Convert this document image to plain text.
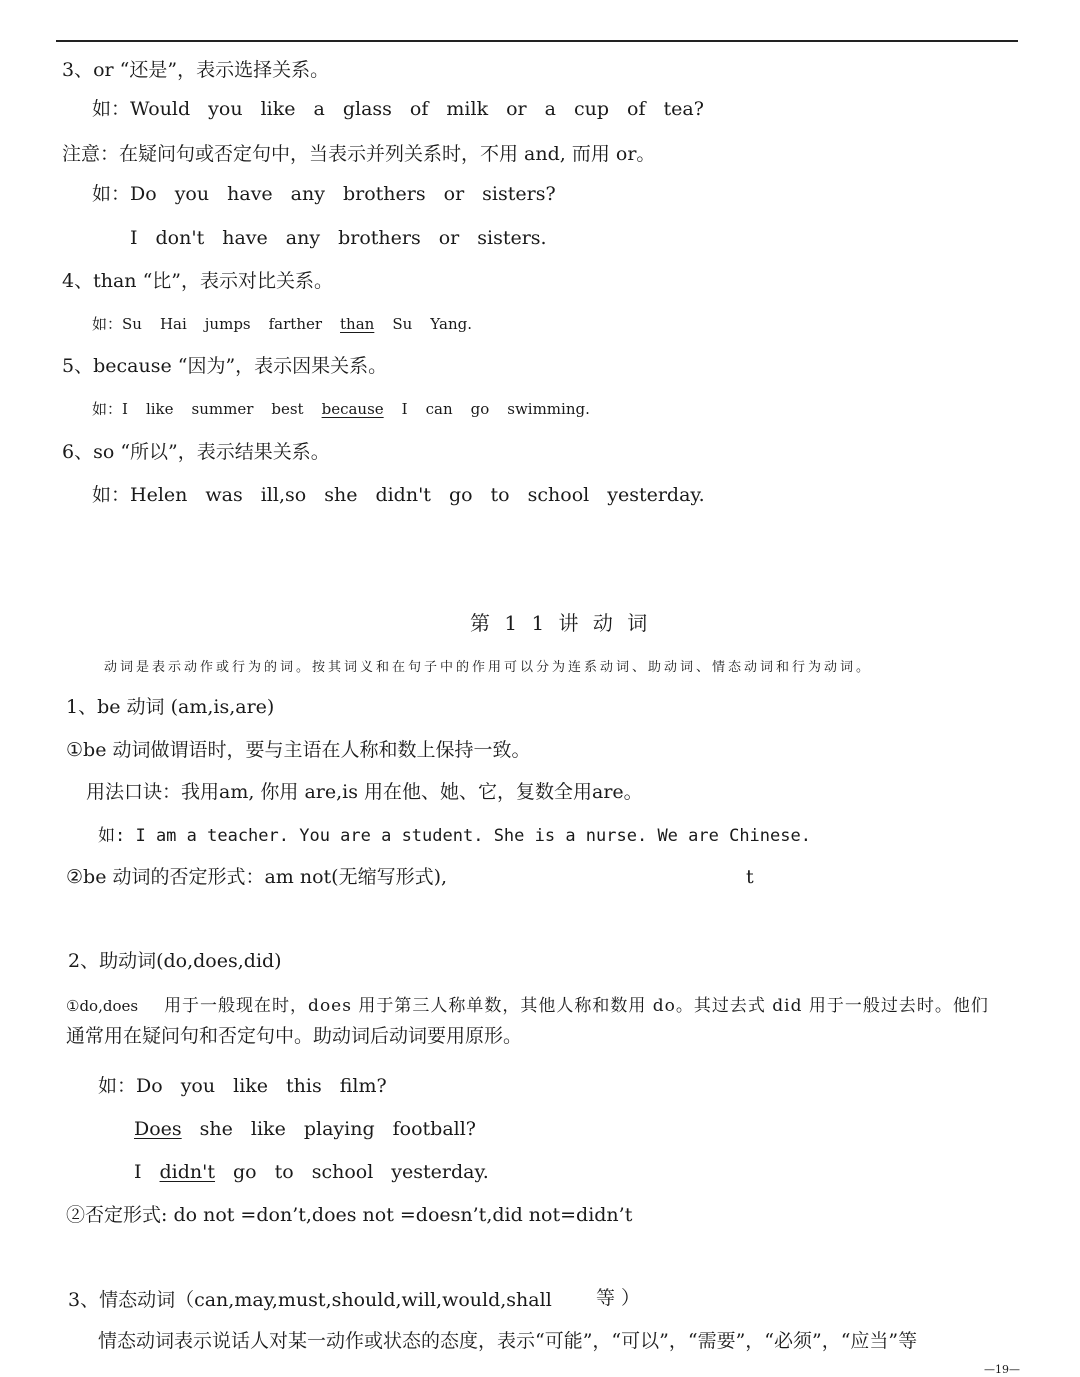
3、or “还是”，表示选择关系。
如：Would you like a glass of milk or a cup of tea?
注意：在疑问句或否定句中，当表示并列关系时，不用 and, 而用 or。
如：Do you have any brothers or sisters?
I don't have any brothers or sisters.
4、than “比”，表示对比关系。
如：Su Hai jumps farther than Su Yang.
5、because “因为”，表示因果关系。
如：I like summer best because I can go swimming.
6、so “所以”，表示结果关系。
如：Helen was ill,so she didn't go to school yesterday.
第 1 1 讲 动 词
动词是表示动作或行为的词。按其词义和在句子中的作用可以分为连系动词、助动词、情态动词和行为动词。
1、be 动词 (am,is,are)
①be 动词做谓语时，要与主语在人称和数上保持一致。
用法口诀：我用am, 你用 are,is 用在他、她、它，复数全用are。
如: I am a teacher. You are a student. She is a nurse. We are Chinese.
②be 动词的否定形式：am not(无缩写形式),	t
2、助动词(do,does,did)
①do,does 用于一般现在时，does 用于第三人称单数，其他人称和数用 do。其过去式 did 用于一般过去时。他们
通常用在疑问句和否定句中。助动词后动词要用原形。
如：Do you like this film?
Does she like playing football?
I didn't go to school yesterday.
②否定形式: do not =don’t,does not =doesn’t,did not=didn’t
3、情态动词（can,may,must,should,will,would,shall 等 ）
情态动词表示说话人对某一动作或状态的态度，表示“可能”，“可以”，“需要”，“必须”，“应当”等
—19—
